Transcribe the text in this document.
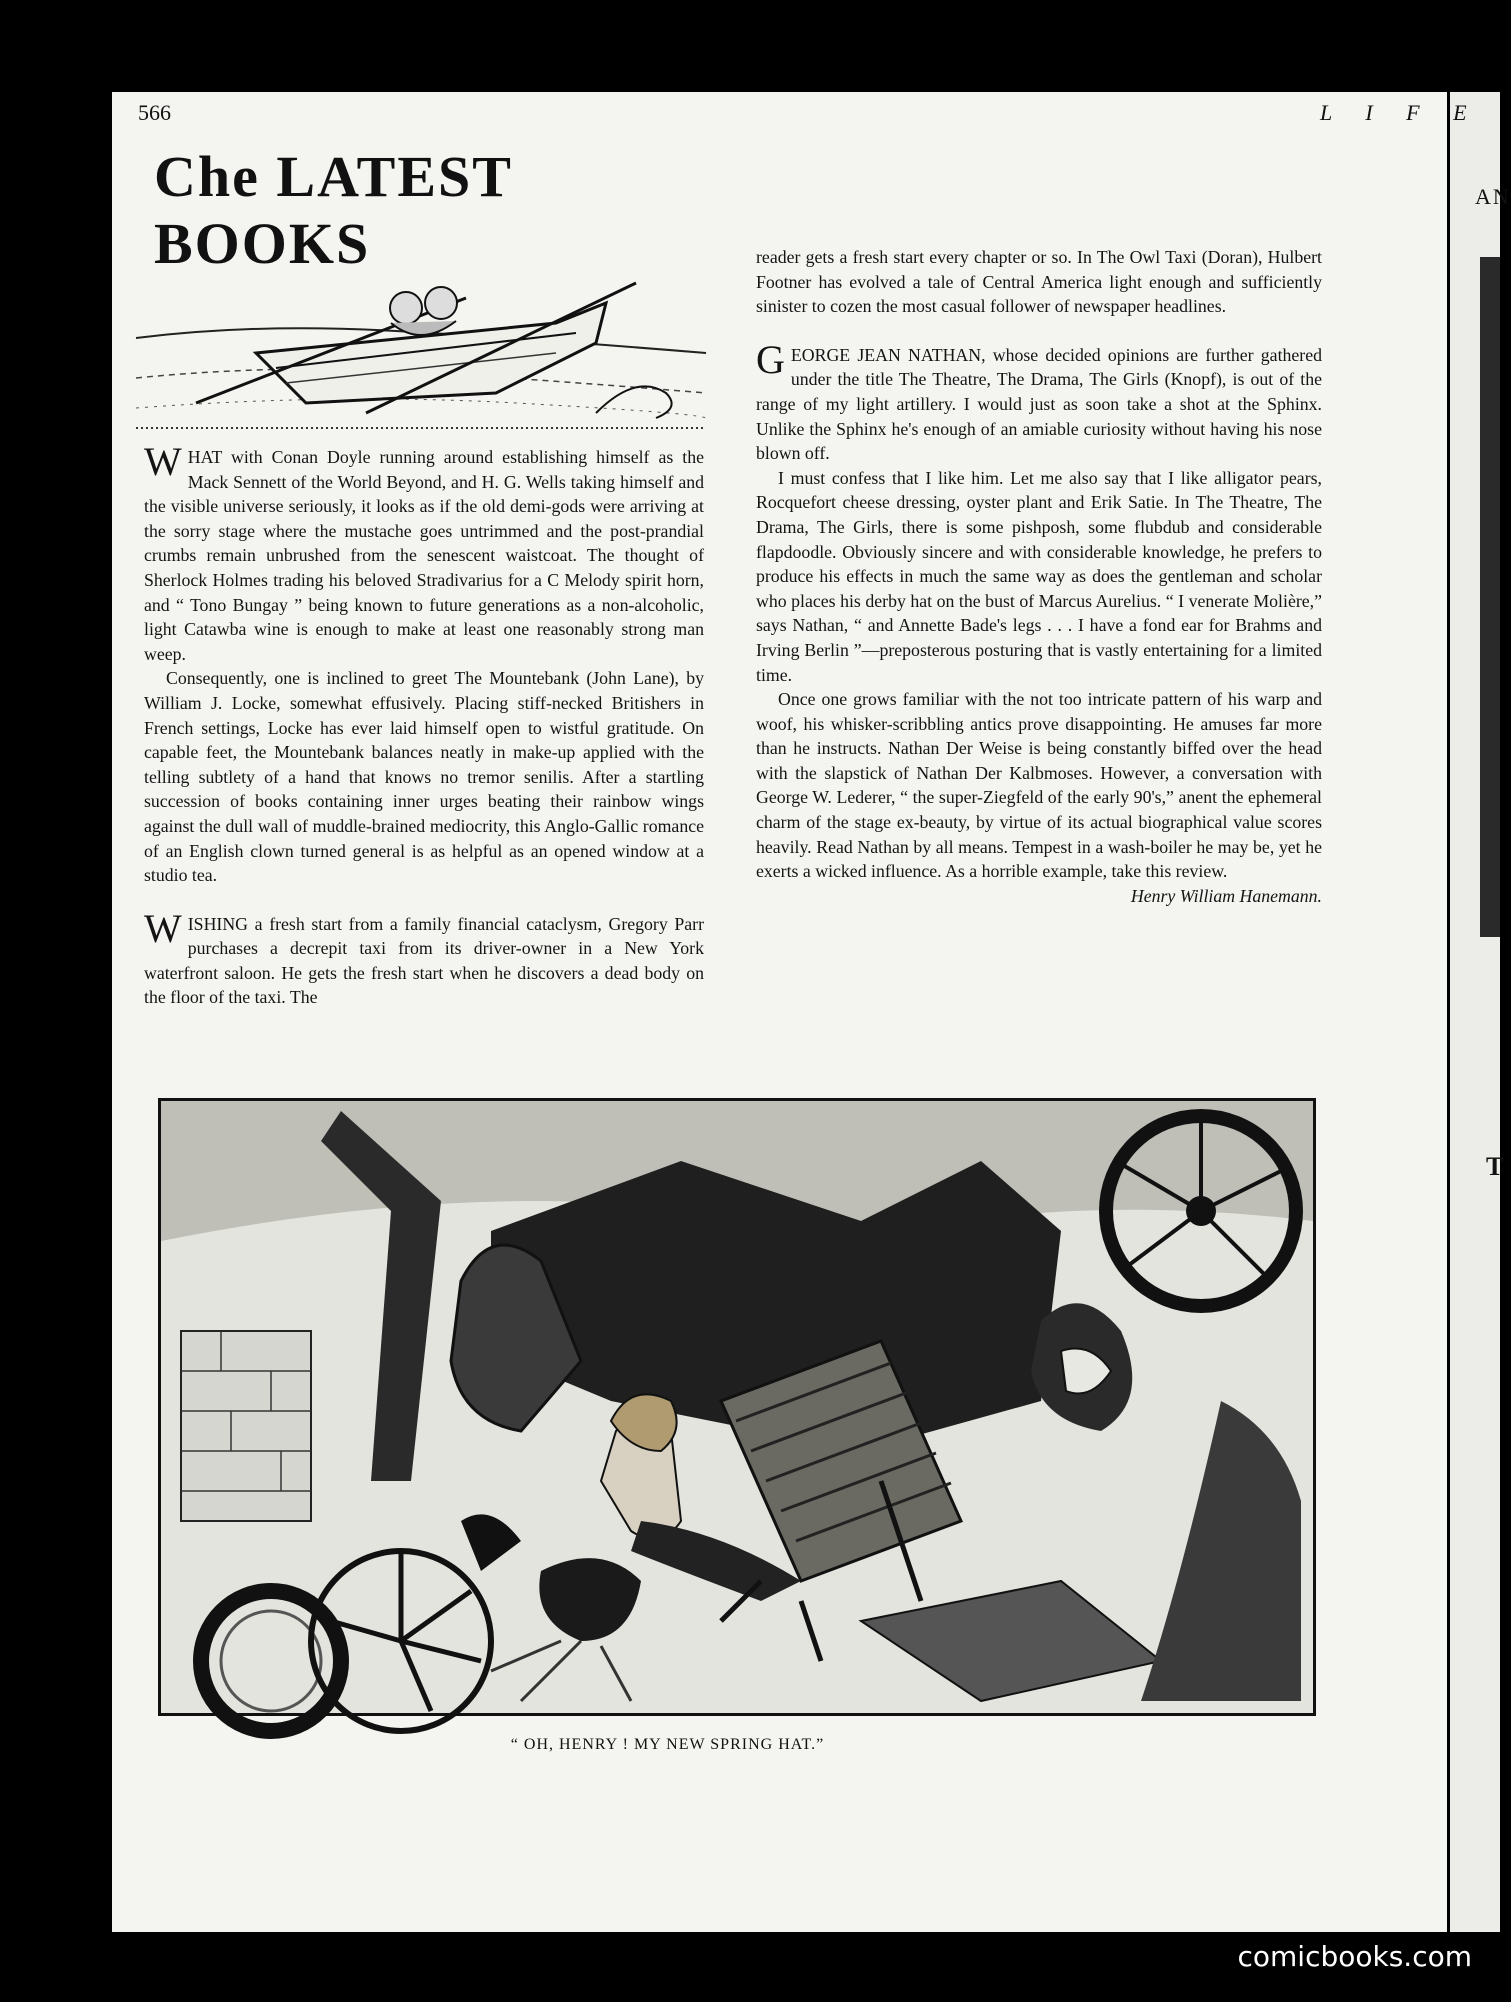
AN
T
566	L I F E
Che LATEST BOOKS

WHAT with Conan Doyle running around establishing himself as the Mack Sennett of the World Beyond, and H. G. Wells taking himself and the visible universe seriously, it looks as if the old demi-gods were arriving at the sorry stage where the mustache goes untrimmed and the post-prandial crumbs remain unbrushed from the senescent waistcoat. The thought of Sherlock Holmes trading his beloved Stradivarius for a C Melody spirit horn, and “ Tono Bungay ” being known to future generations as a non-alcoholic, light Catawba wine is enough to make at least one reasonably strong man weep.

Consequently, one is inclined to greet The Mountebank (John Lane), by William J. Locke, somewhat effusively. Placing stiff-necked Britishers in French settings, Locke has ever laid himself open to wistful gratitude. On capable feet, the Mountebank balances neatly in make-up applied with the telling subtlety of a hand that knows no tremor senilis. After a startling succession of books containing inner urges beating their rainbow wings against the dull wall of muddle-brained mediocrity, this Anglo-Gallic romance of an English clown turned general is as helpful as an opened window at a studio tea.

WISHING a fresh start from a family financial cataclysm, Gregory Parr purchases a decrepit taxi from its driver-owner in a New York waterfront saloon. He gets the fresh start when he discovers a dead body on the floor of the taxi. The

reader gets a fresh start every chapter or so. In The Owl Taxi (Doran), Hulbert Footner has evolved a tale of Central America light enough and sufficiently sinister to cozen the most casual follower of newspaper headlines.

GEORGE JEAN NATHAN, whose decided opinions are further gathered under the title The Theatre, The Drama, The Girls (Knopf), is out of the range of my light artillery. I would just as soon take a shot at the Sphinx. Unlike the Sphinx he's enough of an amiable curiosity without having his nose blown off.

I must confess that I like him. Let me also say that I like alligator pears, Rocquefort cheese dressing, oyster plant and Erik Satie. In The Theatre, The Drama, The Girls, there is some pishposh, some flubdub and considerable flapdoodle. Obviously sincere and with considerable knowledge, he prefers to produce his effects in much the same way as does the gentleman and scholar who places his derby hat on the bust of Marcus Aurelius. “ I venerate Molière,” says Nathan, “ and Annette Bade's legs . . . I have a fond ear for Brahms and Irving Berlin ”—preposterous posturing that is vastly entertaining for a limited time.

Once one grows familiar with the not too intricate pattern of his warp and woof, his whisker-scribbling antics prove disappointing. He amuses far more than he instructs. Nathan Der Weise is being constantly biffed over the head with the slapstick of Nathan Der Kalbmoses. However, a conversation with George W. Lederer, “ the super-Ziegfeld of the early 90's,” anent the ephemeral charm of the stage ex-beauty, by virtue of its actual biographical value scores heavily. Read Nathan by all means. Tempest in a wash-boiler he may be, yet he exerts a wicked influence. As a horrible example, take this review.

Henry William Hanemann.

“ OH, HENRY ! MY NEW SPRING HAT.”
comicbooks.com
